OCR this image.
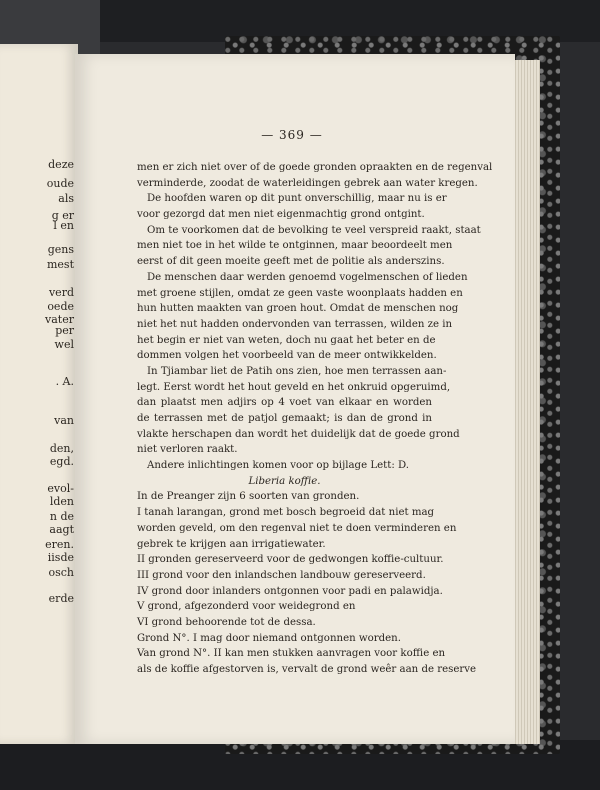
deze
oude
als
g er
l en
gens
mest
verd
oede
vater
per
wel
. A.
van
den,
egd.
evol-
lden
n de
aagt
eren.
iisde
osch
erde
— 369 —
men er zich niet over of de goede gronden opraakten en de regenval
verminderde, zoodat de waterleidingen gebrek aan water kregen.
De hoofden waren op dit punt onverschillig, maar nu is er
voor gezorgd dat men niet eigenmachtig grond ontgint.
Om te voorkomen dat de bevolking te veel verspreid raakt, staat
men niet toe in het wilde te ontginnen, maar beoordeelt men
eerst of dit geen moeite geeft met de politie als anderszins.
De menschen daar werden genoemd vogelmenschen of lieden
met groene stijlen, omdat ze geen vaste woonplaats hadden en
hun hutten maakten van groen hout. Omdat de menschen nog
niet het nut hadden ondervonden van terrassen, wilden ze in
het begin er niet van weten, doch nu gaat het beter en de
dommen volgen het voorbeeld van de meer ontwikkelden.
In Tjiambar liet de Patih ons zien, hoe men terrassen aan-
legt. Eerst wordt het hout geveld en het onkruid opgeruimd,
dan plaatst men adjirs op 4 voet van elkaar en worden
de terrassen met de patjol gemaakt; is dan de grond in
vlakte herschapen dan wordt het duidelijk dat de goede grond
niet verloren raakt.
Andere inlichtingen komen voor op bijlage Lett: D.
Liberia koffie.
In de Preanger zijn 6 soorten van gronden.
I tanah larangan, grond met bosch begroeid dat niet mag
worden geveld, om den regenval niet te doen verminderen en
gebrek te krijgen aan irrigatiewater.
II gronden gereserveerd voor de gedwongen koffie-cultuur.
III grond voor den inlandschen landbouw gereserveerd.
IV grond door inlanders ontgonnen voor padi en palawidja.
V grond, afgezonderd voor weidegrond en
VI grond behoorende tot de dessa.
Grond N°. I mag door niemand ontgonnen worden.
Van grond N°. II kan men stukken aanvragen voor koffie en
als de koffie afgestorven is, vervalt de grond weêr aan de reserve
